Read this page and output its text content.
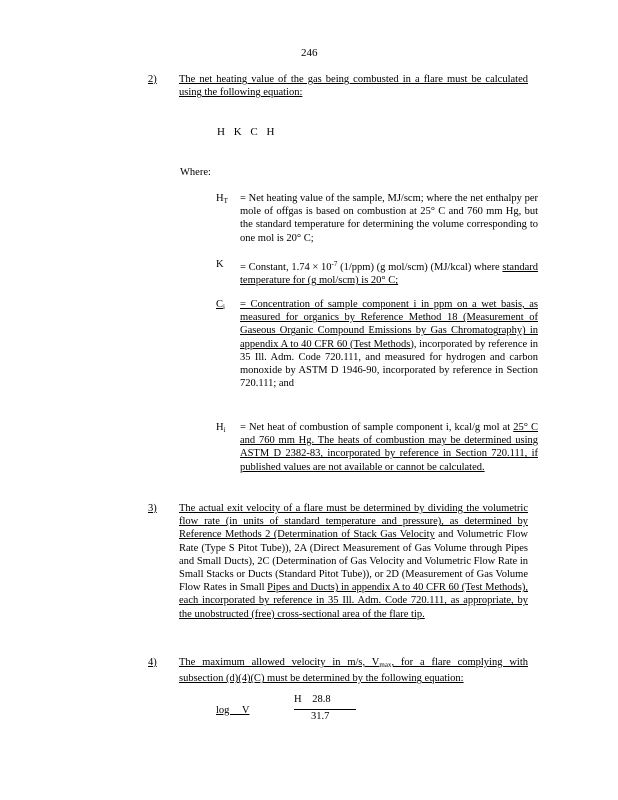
246
2) The net heating value of the gas being combusted in a flare must be calculated using the following equation:
H K C H
Where:
$H_T$ = Net heating value of the sample, MJ/scm; where the net enthalpy per mole of offgas is based on combustion at 25° C and 760 mm Hg, but the standard temperature for determining the volume corresponding to one mol is 20° C;
K = Constant, $1.74 \times 10^{-7}$ (1/ppm) (g mol/scm) (MJ/kcal) where standard temperature for (g mol/scm) is 20° C;
$C_i$ = Concentration of sample component i in ppm on a wet basis, as measured for organics by Reference Method 18 (Measurement of Gaseous Organic Compound Emissions by Gas Chromatography) in appendix A to 40 CFR 60 (Test Methods), incorporated by reference in 35 Ill. Adm. Code 720.111, and measured for hydrogen and carbon monoxide by ASTM D 1946-90, incorporated by reference in Section 720.111; and
$H_i$ = Net heat of combustion of sample component i, kcal/g mol at 25° C and 760 mm Hg. The heats of combustion may be determined using ASTM D 2382-83, incorporated by reference in Section 720.111, if published values are not available or cannot be calculated.
3) The actual exit velocity of a flare must be determined by dividing the volumetric flow rate (in units of standard temperature and pressure), as determined by Reference Methods 2 (Determination of Stack Gas Velocity and Volumetric Flow Rate (Type S Pitot Tube)), 2A (Direct Measurement of Gas Volume through Pipes and Small Ducts), 2C (Determination of Gas Velocity and Volumetric Flow Rate in Small Stacks or Ducts (Standard Pitot Tube)), or 2D (Measurement of Gas Volume Flow Rates in Small Pipes and Ducts) in appendix A to 40 CFR 60 (Test Methods), each incorporated by reference in 35 Ill. Adm. Code 720.111, as appropriate, by the unobstructed (free) cross-sectional area of the flare tip.
4) The maximum allowed velocity in m/s, $V_{max}$, for a flare complying with subsection (d)(4)(C) must be determined by the following equation:
H 28.8
log V
31.7
